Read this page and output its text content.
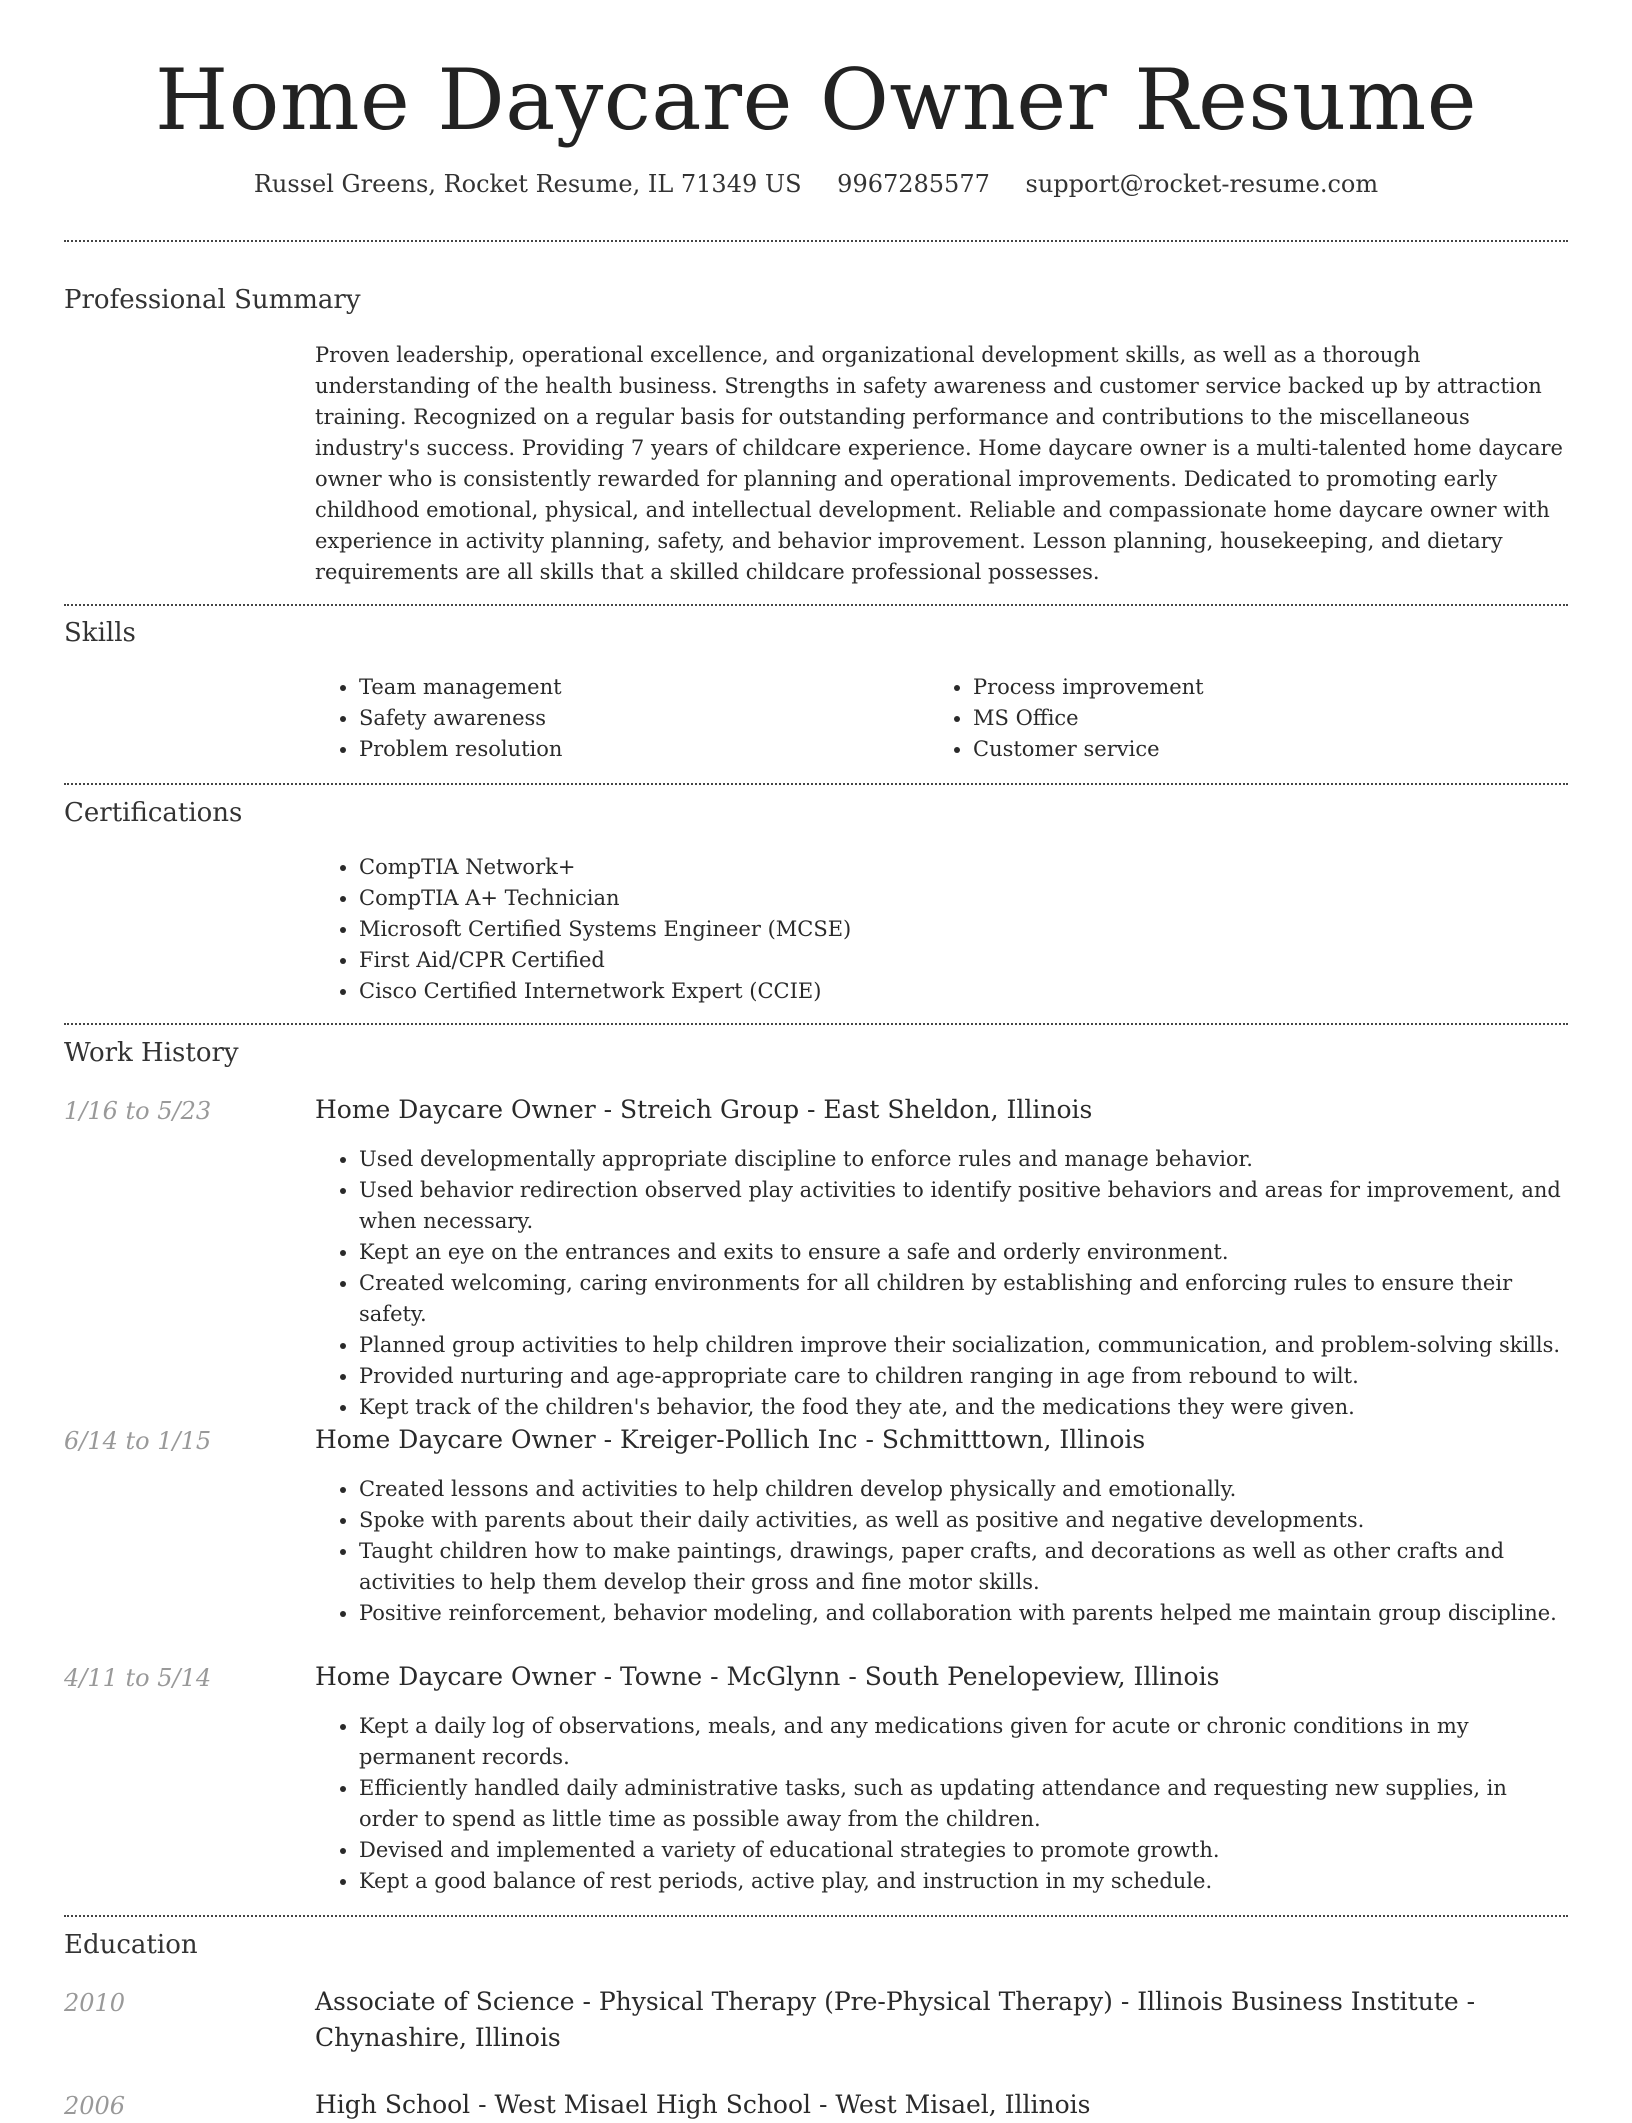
Home Daycare Owner Resume
Russel Greens, Rocket Resume, IL 71349 US 9967285577 support@rocket-resume.com
Professional Summary

Proven leadership, operational excellence, and organizational development skills, as well as a thorough understanding of the health business. Strengths in safety awareness and customer service backed up by attraction training. Recognized on a regular basis for outstanding performance and contributions to the miscellaneous industry's success. Providing 7 years of childcare experience. Home daycare owner is a multi-talented home daycare owner who is consistently rewarded for planning and operational improvements. Dedicated to promoting early childhood emotional, physical, and intellectual development. Reliable and compassionate home daycare owner with experience in activity planning, safety, and behavior improvement. Lesson planning, housekeeping, and dietary requirements are all skills that a skilled childcare professional possesses.

Skills
• Team management
• Safety awareness
• Problem resolution
• Process improvement
• MS Office
• Customer service
Certifications
• CompTIA Network+
• CompTIA A+ Technician
• Microsoft Certified Systems Engineer (MCSE)
• First Aid/CPR Certified
• Cisco Certified Internetwork Expert (CCIE)
Work History
1/16 to 5/23	Home Daycare Owner - Streich Group - East Sheldon, Illinois
• Used developmentally appropriate discipline to enforce rules and manage behavior.
• Used behavior redirection observed play activities to identify positive behaviors and areas for improvement, and when necessary.
• Kept an eye on the entrances and exits to ensure a safe and orderly environment.
• Created welcoming, caring environments for all children by establishing and enforcing rules to ensure their safety.
• Planned group activities to help children improve their socialization, communication, and problem-solving skills.
• Provided nurturing and age-appropriate care to children ranging in age from rebound to wilt.
• Kept track of the children's behavior, the food they ate, and the medications they were given.
6/14 to 1/15	Home Daycare Owner - Kreiger-Pollich Inc - Schmitttown, Illinois
• Created lessons and activities to help children develop physically and emotionally.
• Spoke with parents about their daily activities, as well as positive and negative developments.
• Taught children how to make paintings, drawings, paper crafts, and decorations as well as other crafts and activities to help them develop their gross and fine motor skills.
• Positive reinforcement, behavior modeling, and collaboration with parents helped me maintain group discipline.
4/11 to 5/14	Home Daycare Owner - Towne - McGlynn - South Penelopeview, Illinois
• Kept a daily log of observations, meals, and any medications given for acute or chronic conditions in my permanent records.
• Efficiently handled daily administrative tasks, such as updating attendance and requesting new supplies, in order to spend as little time as possible away from the children.
• Devised and implemented a variety of educational strategies to promote growth.
• Kept a good balance of rest periods, active play, and instruction in my schedule.
Education
2010	Associate of Science - Physical Therapy (Pre-Physical Therapy) - Illinois Business Institute - Chynashire, Illinois
2006	High School - West Misael High School - West Misael, Illinois
